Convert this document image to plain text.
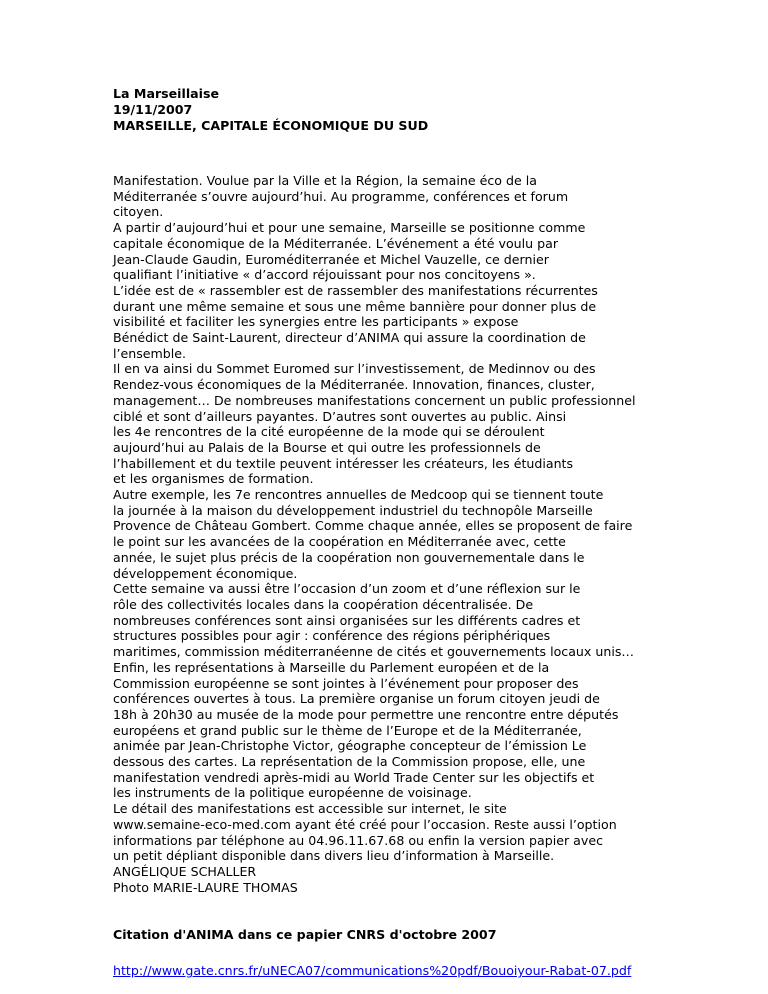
La Marseillaise
19/11/2007
MARSEILLE, CAPITALE ÉCONOMIQUE DU SUD
Manifestation. Voulue par la Ville et la Région, la semaine éco de la
Méditerranée s’ouvre aujourd’hui. Au programme, conférences et forum
citoyen.
A partir d’aujourd’hui et pour une semaine, Marseille se positionne comme
capitale économique de la Méditerranée. L’événement a été voulu par
Jean-Claude Gaudin, Euroméditerranée et Michel Vauzelle, ce dernier
qualifiant l’initiative « d’accord réjouissant pour nos concitoyens ».
L’idée est de « rassembler est de rassembler des manifestations récurrentes
durant une même semaine et sous une même bannière pour donner plus de
visibilité et faciliter les synergies entre les participants » expose
Bénédict de Saint-Laurent, directeur d’ANIMA qui assure la coordination de
l’ensemble.
Il en va ainsi du Sommet Euromed sur l’investissement, de Medinnov ou des
Rendez-vous économiques de la Méditerranée. Innovation, finances, cluster,
management… De nombreuses manifestations concernent un public professionnel
ciblé et sont d’ailleurs payantes. D’autres sont ouvertes au public. Ainsi
les 4e rencontres de la cité européenne de la mode qui se déroulent
aujourd’hui au Palais de la Bourse et qui outre les professionnels de
l’habillement et du textile peuvent intéresser les créateurs, les étudiants
et les organismes de formation.
Autre exemple, les 7e rencontres annuelles de Medcoop qui se tiennent toute
la journée à la maison du développement industriel du technopôle Marseille
Provence de Château Gombert. Comme chaque année, elles se proposent de faire
le point sur les avancées de la coopération en Méditerranée avec, cette
année, le sujet plus précis de la coopération non gouvernementale dans le
développement économique.
Cette semaine va aussi être l’occasion d’un zoom et d’une réflexion sur le
rôle des collectivités locales dans la coopération décentralisée. De
nombreuses conférences sont ainsi organisées sur les différents cadres et
structures possibles pour agir : conférence des régions périphériques
maritimes, commission méditerranéenne de cités et gouvernements locaux unis…
Enfin, les représentations à Marseille du Parlement européen et de la
Commission européenne se sont jointes à l’événement pour proposer des
conférences ouvertes à tous. La première organise un forum citoyen jeudi de
18h à 20h30 au musée de la mode pour permettre une rencontre entre députés
européens et grand public sur le thème de l’Europe et de la Méditerranée,
animée par Jean-Christophe Victor, géographe concepteur de l’émission Le
dessous des cartes. La représentation de la Commission propose, elle, une
manifestation vendredi après-midi au World Trade Center sur les objectifs et
les instruments de la politique européenne de voisinage.
Le détail des manifestations est accessible sur internet, le site
www.semaine-eco-med.com ayant été créé pour l’occasion. Reste aussi l’option
informations par téléphone au 04.96.11.67.68 ou enfin la version papier avec
un petit dépliant disponible dans divers lieu d’information à Marseille.
ANGÉLIQUE SCHALLER
Photo MARIE-LAURE THOMAS
Citation d'ANIMA dans ce papier CNRS d'octobre 2007
http://www.gate.cnrs.fr/uNECA07/communications%20pdf/Bouoiyour-Rabat-07.pdf
